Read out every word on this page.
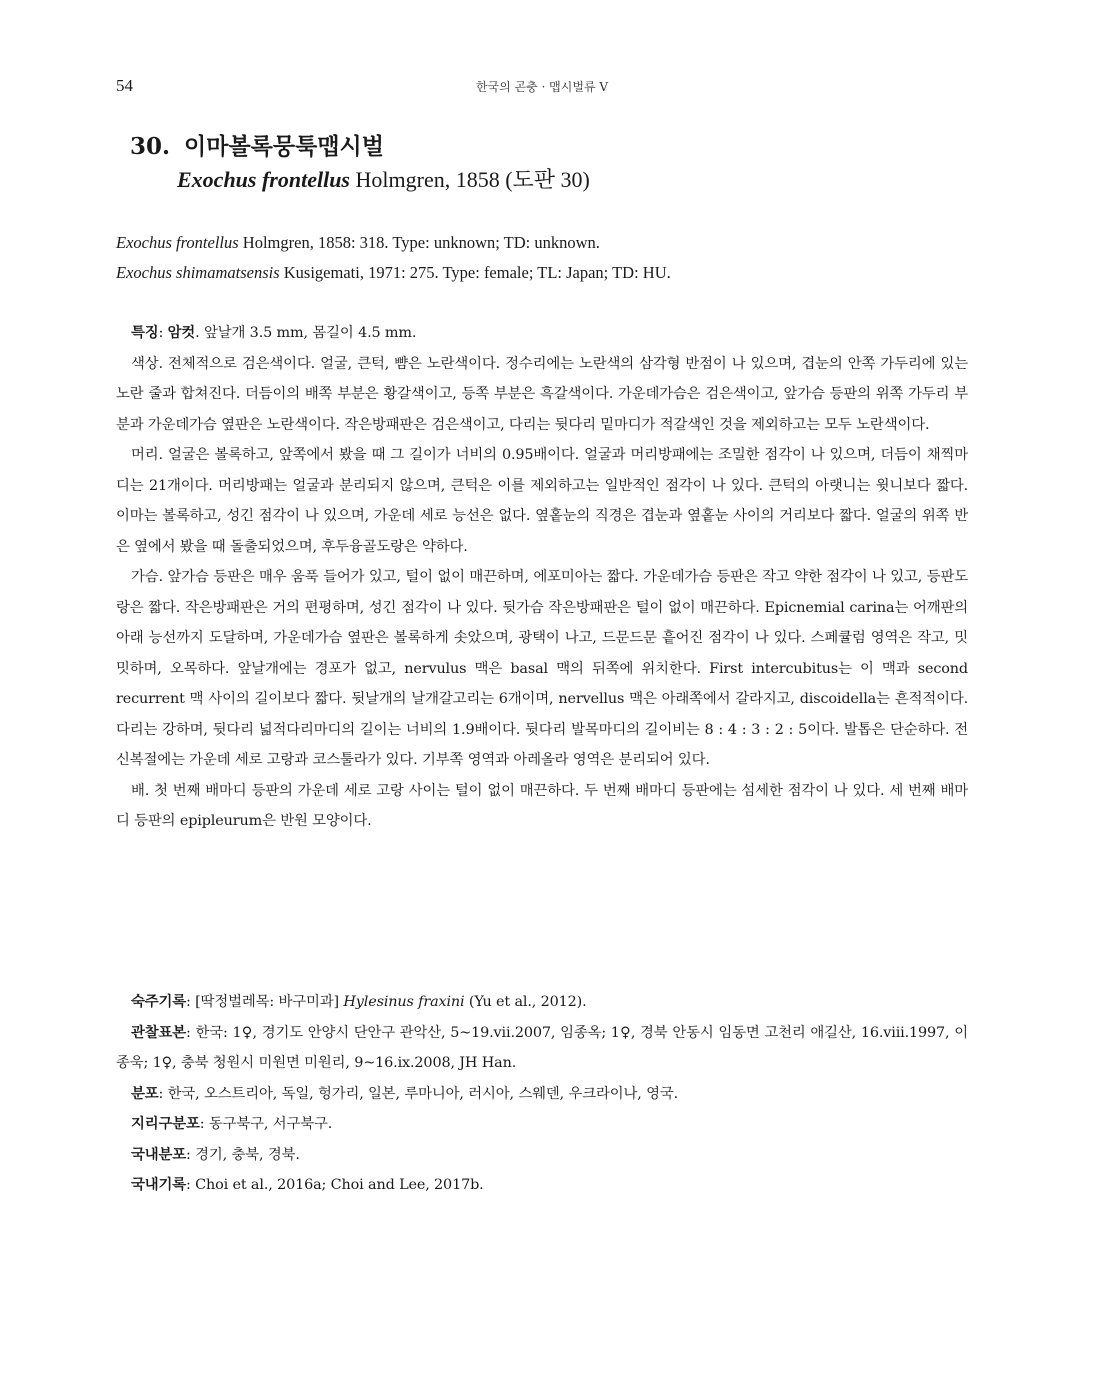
54	한국의 곤충 · 맵시벌류 V
30. 이마볼록뭉툭맵시벌
Exochus frontellus Holmgren, 1858 (도판 30)
Exochus frontellus Holmgren, 1858: 318. Type: unknown; TD: unknown.
Exochus shimamatsensis Kusigemati, 1971: 275. Type: female; TL: Japan; TD: HU.

특징: 암컷. 앞날개 3.5 mm, 몸길이 4.5 mm.

색상. 전체적으로 검은색이다. 얼굴, 큰턱, 뺨은 노란색이다. 정수리에는 노란색의 삼각형 반점이 나 있으며, 겹눈의 안쪽 가두리에 있는 노란 줄과 합쳐진다. 더듬이의 배쪽 부분은 황갈색이고, 등쪽 부분은 흑갈색이다. 가운데가슴은 검은색이고, 앞가슴 등판의 위쪽 가두리 부분과 가운데가슴 옆판은 노란색이다. 작은방패판은 검은색이고, 다리는 뒷다리 밑마디가 적갈색인 것을 제외하고는 모두 노란색이다.

머리. 얼굴은 볼록하고, 앞쪽에서 봤을 때 그 길이가 너비의 0.95배이다. 얼굴과 머리방패에는 조밀한 점각이 나 있으며, 더듬이 채찍마디는 21개이다. 머리방패는 얼굴과 분리되지 않으며, 큰턱은 이를 제외하고는 일반적인 점각이 나 있다. 큰턱의 아랫니는 윗니보다 짧다. 이마는 볼록하고, 성긴 점각이 나 있으며, 가운데 세로 능선은 없다. 옆홑눈의 직경은 겹눈과 옆홑눈 사이의 거리보다 짧다. 얼굴의 위쪽 반은 옆에서 봤을 때 돌출되었으며, 후두융골도랑은 약하다.

가슴. 앞가슴 등판은 매우 움푹 들어가 있고, 털이 없이 매끈하며, 에포미아는 짧다. 가운데가슴 등판은 작고 약한 점각이 나 있고, 등판도랑은 짧다. 작은방패판은 거의 편평하며, 성긴 점각이 나 있다. 뒷가슴 작은방패판은 털이 없이 매끈하다. Epicnemial carina는 어깨판의 아래 능선까지 도달하며, 가운데가슴 옆판은 볼록하게 솟았으며, 광택이 나고, 드문드문 흩어진 점각이 나 있다. 스페큘럼 영역은 작고, 밋밋하며, 오목하다. 앞날개에는 경포가 없고, nervulus 맥은 basal 맥의 뒤쪽에 위치한다. First intercubitus는 이 맥과 second recurrent 맥 사이의 길이보다 짧다. 뒷날개의 날개갈고리는 6개이며, nervellus 맥은 아래쪽에서 갈라지고, discoidella는 흔적적이다. 다리는 강하며, 뒷다리 넓적다리마디의 길이는 너비의 1.9배이다. 뒷다리 발목마디의 길이비는 8 : 4 : 3 : 2 : 5이다. 발톱은 단순하다. 전신복절에는 가운데 세로 고랑과 코스툴라가 있다. 기부쪽 영역과 아레올라 영역은 분리되어 있다.

배. 첫 번째 배마디 등판의 가운데 세로 고랑 사이는 털이 없이 매끈하다. 두 번째 배마디 등판에는 섬세한 점각이 나 있다. 세 번째 배마디 등판의 epipleurum은 반원 모양이다.

숙주기록: [딱정벌레목: 바구미과] Hylesinus fraxini (Yu et al., 2012).

관찰표본: 한국: 1♀, 경기도 안양시 단안구 관악산, 5~19.vii.2007, 임종옥; 1♀, 경북 안동시 임동면 고천리 애길산, 16.viii.1997, 이종욱; 1♀, 충북 청원시 미원면 미원리, 9~16.ix.2008, JH Han.

분포: 한국, 오스트리아, 독일, 헝가리, 일본, 루마니아, 러시아, 스웨덴, 우크라이나, 영국.

지리구분포: 동구북구, 서구북구.

국내분포: 경기, 충북, 경북.

국내기록: Choi et al., 2016a; Choi and Lee, 2017b.
